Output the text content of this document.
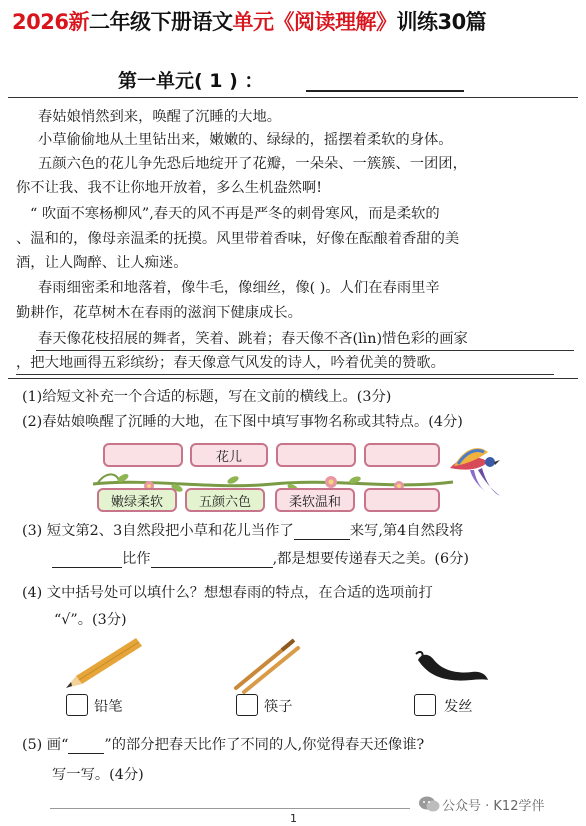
2026新二年级下册语文单元《阅读理解》训练30篇
第一单元( 1 ) ：
春姑娘悄然到来，唤醒了沉睡的大地。
小草偷偷地从土里钻出来，嫩嫩的、绿绿的，摇摆着柔软的身体。
五颜六色的花儿争先恐后地绽开了花瓣，一朵朵、一簇簇、一团团，
你不让我、我不让你地开放着，多么生机盎然啊!
“ 吹面不寒杨柳风”,春天的风不再是严冬的刺骨寒风，而是柔软的
、温和的，像母亲温柔的抚摸。风里带着香味，好像在酝酿着香甜的美
酒，让人陶醉、让人痴迷。
春雨细密柔和地落着，像牛毛，像细丝，像( )。人们在春雨里辛
勤耕作，花草树木在春雨的滋润下健康成长。
春天像花枝招展的舞者，笑着、跳着；春天像不吝(lìn)惜色彩的画家
，把大地画得五彩缤纷；春天像意气风发的诗人，吟着优美的赞歌。
(1)给短文补充一个合适的标题，写在文前的横线上。(3分)
(2)春姑娘唤醒了沉睡的大地，在下图中填写事物名称或其特点。(4分)
花儿
嫩绿柔软	五颜六色	柔软温和
(3) 短文第2、3自然段把小草和花儿当作了	来写,第4自然段将
比作	,都是想要传递春天之美。(6分)
(4) 文中括号处可以填什么？想想春雨的特点，在合适的选项前打
“√”。(3分)
铅笔	筷子	发丝
(5) 画“	”的部分把春天比作了不同的人,你觉得春天还像谁?
写一写。(4分)
公众号 · K12学伴
1
